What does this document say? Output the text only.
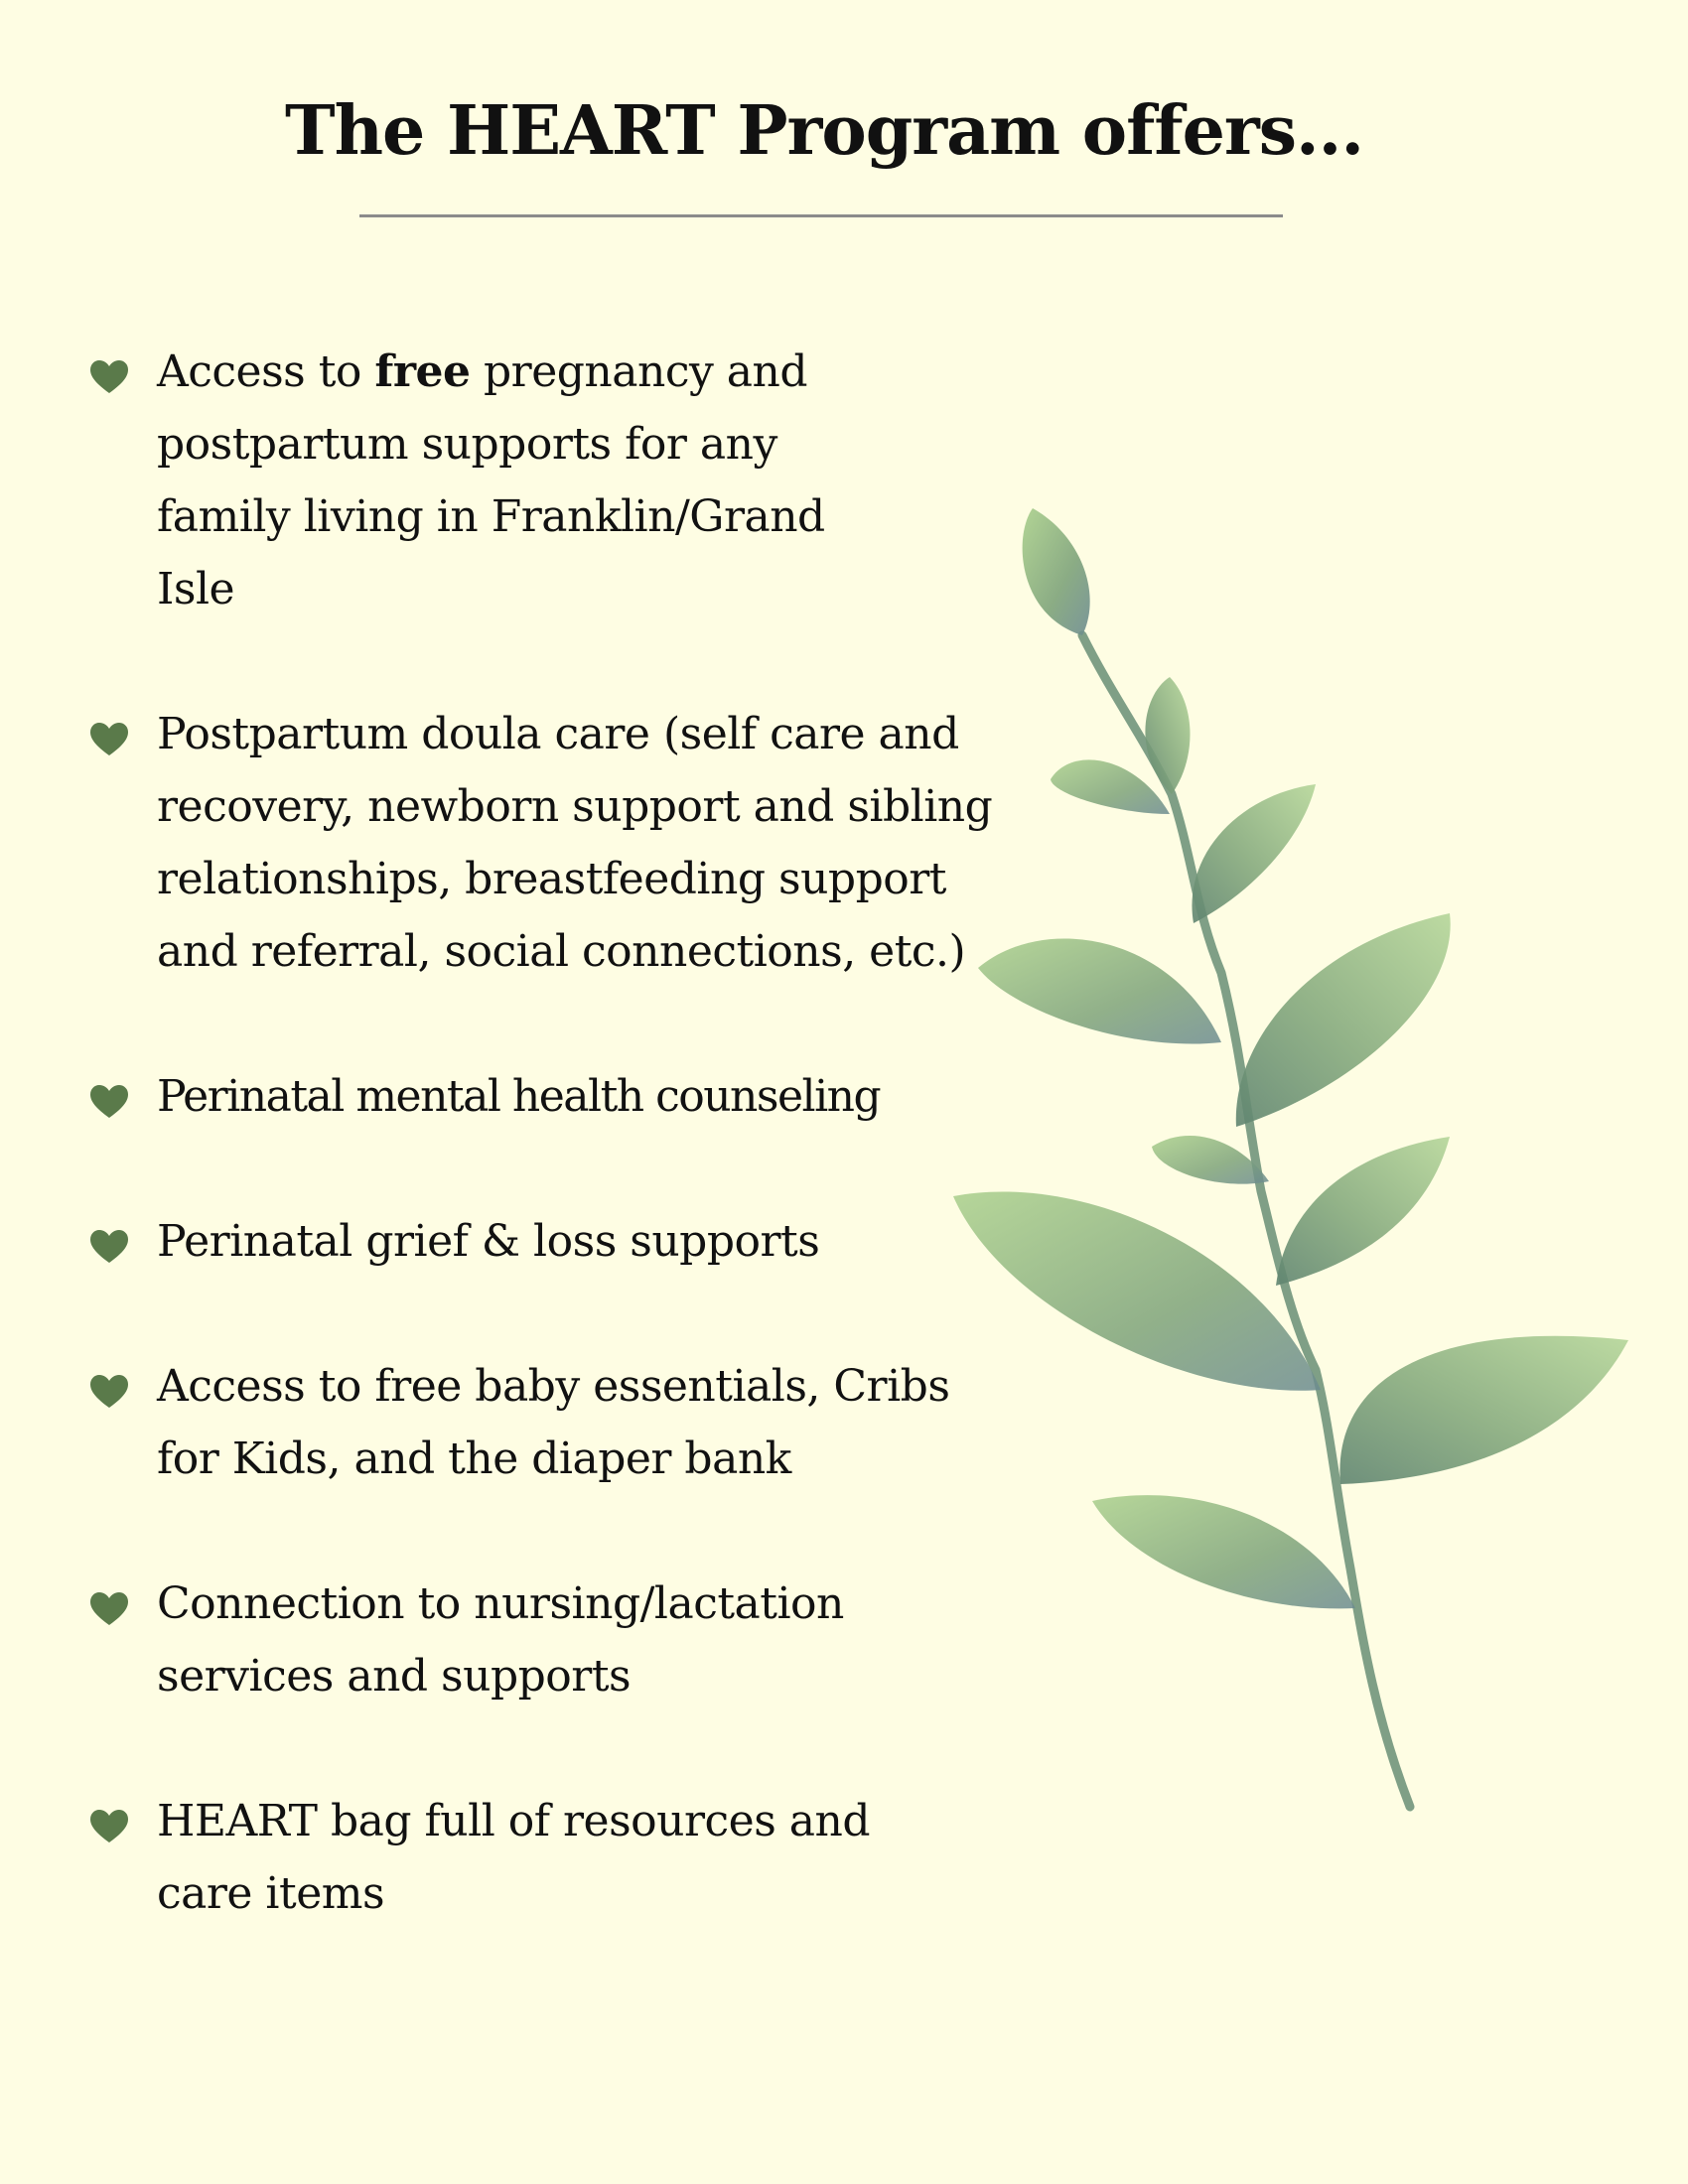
The HEART Program offers...
Access to free pregnancy and postpartum supports for any family living in Franklin/Grand Isle
Postpartum doula care (self care and recovery, newborn support and sibling relationships, breastfeeding support and referral, social connections, etc.)
Perinatal mental health counseling
Perinatal grief & loss supports
Access to free baby essentials, Cribs for Kids, and the diaper bank
Connection to nursing/lactation services and supports
HEART bag full of resources and care items
